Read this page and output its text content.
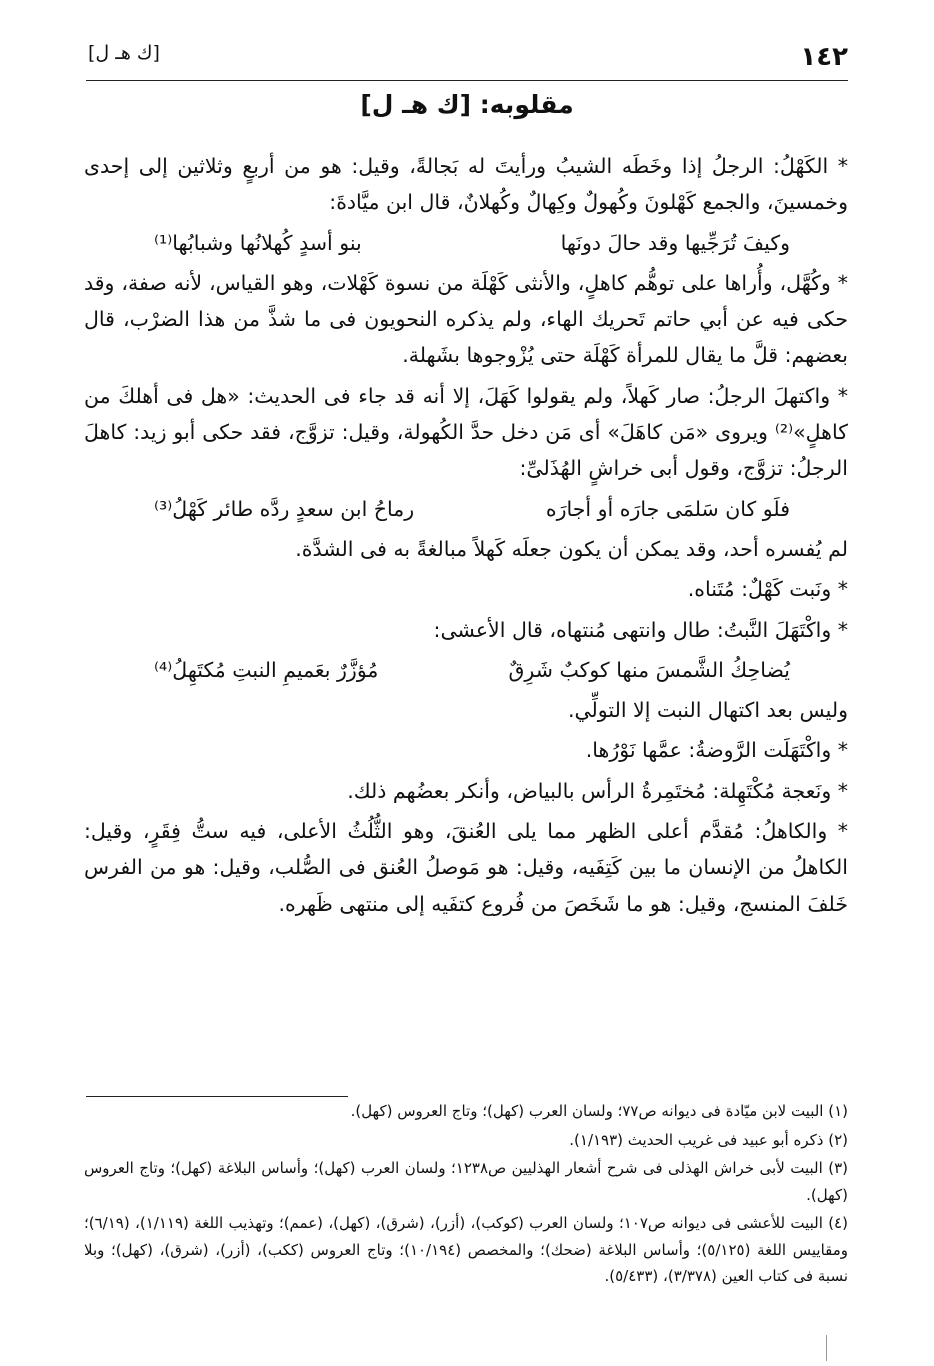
١٤٢
[ك هـ ل]
مقلوبه: [ك هـ ل]

* الكَهْلُ: الرجلُ إذا وخَطَه الشيبُ ورأيتَ له بَجالةً، وقيل: هو من أربعٍ وثلاثين إلى إحدى وخمسينَ، والجمع كَهْلونَ وكُهولٌ وكِهالٌ وكُهلانٌ، قال ابن ميَّادةَ:

وكيفَ تُرَجِّيها وقد حالَ دونَها
بنو أسدٍ كُهلانُها وشبابُها⁽¹⁾

* وكُهَّل، وأُراها على توهُّم كاهلٍ، والأنثى كَهْلَة من نسوة كَهْلات، وهو القياس، لأنه صفة، وقد حكى فيه عن أبي حاتم تَحريك الهاء، ولم يذكره النحويون فى ما شذَّ من هذا الضرْب، قال بعضهم: قلَّ ما يقال للمرأة كَهْلَة حتى يُزْوجوها بشَهلة.

* واكتهلَ الرجلُ: صار كَهلاً، ولم يقولوا كَهَلَ، إلا أنه قد جاء فى الحديث: «هل فى أهلكَ من كاهلٍ»⁽²⁾ ويروى «مَن كاهَلَ» أى مَن دخل حدَّ الكُهولة، وقيل: تزوَّج، فقد حكى أبو زيد: كاهلَ الرجلُ: تزوَّج، وقول أبى خراشٍ الهُذَلىِّ:

فلَو كان سَلمَى جارَه أو أجارَه
رماحُ ابن سعدٍ ردَّه طائر كَهْلُ⁽³⁾

لم يُفسره أحد، وقد يمكن أن يكون جعلَه كَهلاً مبالغةً به فى الشدَّة.

* ونَبت كَهْلٌ: مُتَناه.

* واكْتَهَلَ النَّبتُ: طال وانتهى مُنتهاه، قال الأعشى:

يُضاحِكُ الشَّمسَ منها كوكبٌ شَرِقٌ
مُؤزَّرٌ بعَميمِ النبتِ مُكتَهِلُ⁽⁴⁾

وليس بعد اكتهال النبت إلا التولِّي.

* واكْتَهَلَت الرَّوضةُ: عمَّها نَوْرُها.

* ونَعجة مُكْتَهِلة: مُختَمِرةُ الرأس بالبياض، وأنكر بعضُهم ذلك.

* والكاهلُ: مُقدَّم أعلى الظهر مما يلى العُنقَ، وهو الثُّلُثُ الأعلى، فيه ستُّ فِقَرٍ، وقيل: الكاهلُ من الإنسان ما بين كَتِفَيه، وقيل: هو مَوصلُ العُنق فى الصُّلب، وقيل: هو من الفرس خَلفَ المنسج، وقيل: هو ما شَخَصَ من فُروع كتفَيه إلى منتهى ظَهره.

(١) البيت لابن ميّادة فى ديوانه ص٧٧؛ ولسان العرب (كهل)؛ وتاج العروس (كهل).

(٢) ذكره أبو عبيد فى غريب الحديث (١/١٩٣).

(٣) البيت لأبى خراش الهذلى فى شرح أشعار الهذليين ص١٢٣٨؛ ولسان العرب (كهل)؛ وأساس البلاغة (كهل)؛ وتاج العروس (كهل).

(٤) البيت للأعشى فى ديوانه ص١٠٧؛ ولسان العرب (كوكب)، (أزر)، (شرق)، (كهل)، (عمم)؛ وتهذيب اللغة (١/١١٩)، (٦/١٩)؛ ومقاييس اللغة (٥/١٢٥)؛ وأساس البلاغة (ضحك)؛ والمخصص (١٠/١٩٤)؛ وتاج العروس (ككب)، (أزر)، (شرق)، (كهل)؛ وبلا نسبة فى كتاب العين (٣/٣٧٨)، (٥/٤٣٣).
